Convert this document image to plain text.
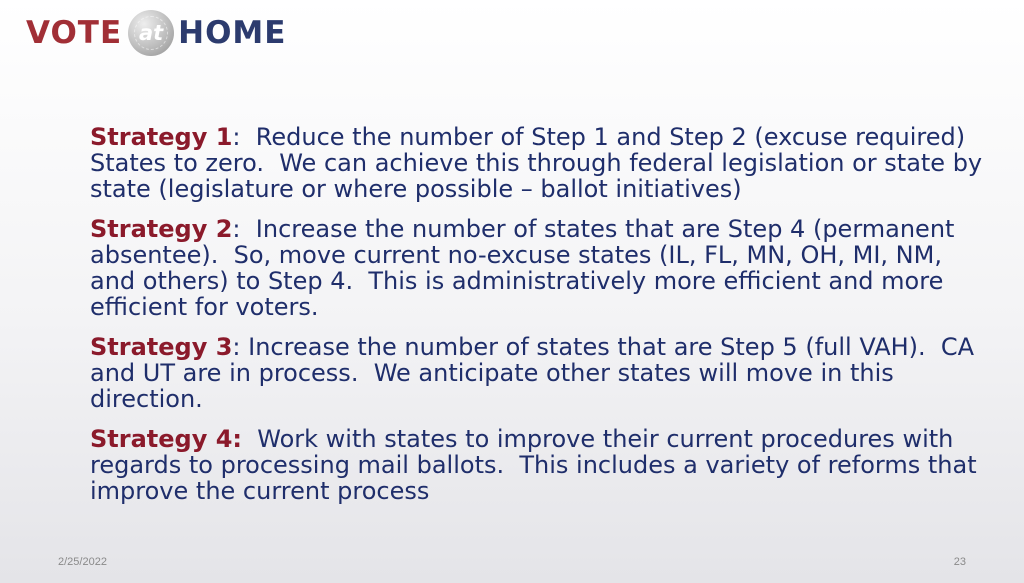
VOTE at HOME

Strategy 1:  Reduce the number of Step 1 and Step 2 (excuse required) States to zero.  We can achieve this through federal legislation or state by state (legislature or where possible – ballot initiatives)

Strategy 2:  Increase the number of states that are Step 4 (permanent absentee).  So, move current no-excuse states (IL, FL, MN, OH, MI, NM, and others) to Step 4.  This is administratively more efficient and more efficient for voters.

Strategy 3: Increase the number of states that are Step 5 (full VAH).  CA and UT are in process.  We anticipate other states will move in this direction.

Strategy 4:  Work with states to improve their current procedures with regards to processing mail ballots.  This includes a variety of reforms that improve the current process

2/25/2022	23
